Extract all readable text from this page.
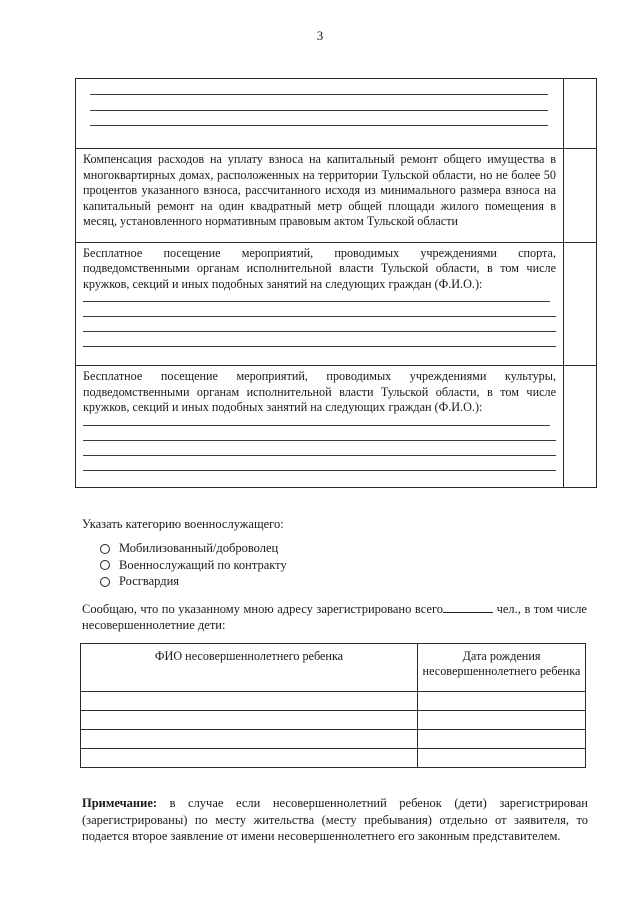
3

Компенсация расходов на уплату взноса на капитальный ремонт общего имущества в многоквартирных домах, расположенных на территории Тульской области, но не более 50 процентов указанного взноса, рассчитанного исходя из минимального размера взноса на капитальный ремонт на один квадратный метр общей площади жилого помещения в месяц, установленного нормативным правовым актом Тульской области	

Бесплатное посещение мероприятий, проводимых учреждениями спорта, подведомственными органам исполнительной власти Тульской области, в том числе кружков, секций и иных подобных занятий на следующих граждан (Ф.И.О.):	

Бесплатное посещение мероприятий, проводимых учреждениями культуры, подведомственными органам исполнительной власти Тульской области, в том числе кружков, секций и иных подобных занятий на следующих граждан (Ф.И.О.):	

Указать категорию военнослужащего:
Мобилизованный/доброволец
Военнослужащий по контракту
Росгвардия
Сообщаю, что по указанному мною адресу зарегистрировано всего	чел., в том числе несовершеннолетние дети:
ФИО несовершеннолетнего ребенка	Дата рождения несовершеннолетнего ребенка

Примечание: в случае если несовершеннолетний ребенок (дети) зарегистрирован (зарегистрированы) по месту жительства (месту пребывания) отдельно от заявителя, то подается второе заявление от имени несовершеннолетнего его законным представителем.
